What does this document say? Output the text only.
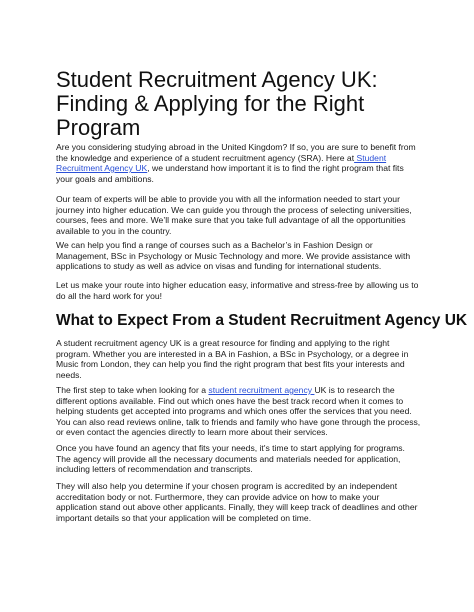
Student Recruitment Agency UK:
Finding & Applying for the Right
Program

Are you considering studying abroad in the United Kingdom? If so, you are sure to benefit from
the knowledge and experience of a student recruitment agency (SRA). Here at Student
Recruitment Agency UK, we understand how important it is to find the right program that fits
your goals and ambitions.

Our team of experts will be able to provide you with all the information needed to start your
journey into higher education. We can guide you through the process of selecting universities,
courses, fees and more. We’ll make sure that you take full advantage of all the opportunities
available to you in the country.

We can help you find a range of courses such as a Bachelor’s in Fashion Design or
Management, BSc in Psychology or Music Technology and more. We provide assistance with
applications to study as well as advice on visas and funding for international students.

Let us make your route into higher education easy, informative and stress-free by allowing us to
do all the hard work for you!

What to Expect From a Student Recruitment Agency UK

A student recruitment agency UK is a great resource for finding and applying to the right
program. Whether you are interested in a BA in Fashion, a BSc in Psychology, or a degree in
Music from London, they can help you find the right program that best fits your interests and
needs.

The first step to take when looking for a student recruitment agency UK is to research the
different options available. Find out which ones have the best track record when it comes to
helping students get accepted into programs and which ones offer the services that you need.
You can also read reviews online, talk to friends and family who have gone through the process,
or even contact the agencies directly to learn more about their services.

Once you have found an agency that fits your needs, it's time to start applying for programs.
The agency will provide all the necessary documents and materials needed for application,
including letters of recommendation and transcripts.

They will also help you determine if your chosen program is accredited by an independent
accreditation body or not. Furthermore, they can provide advice on how to make your
application stand out above other applicants. Finally, they will keep track of deadlines and other
important details so that your application will be completed on time.
